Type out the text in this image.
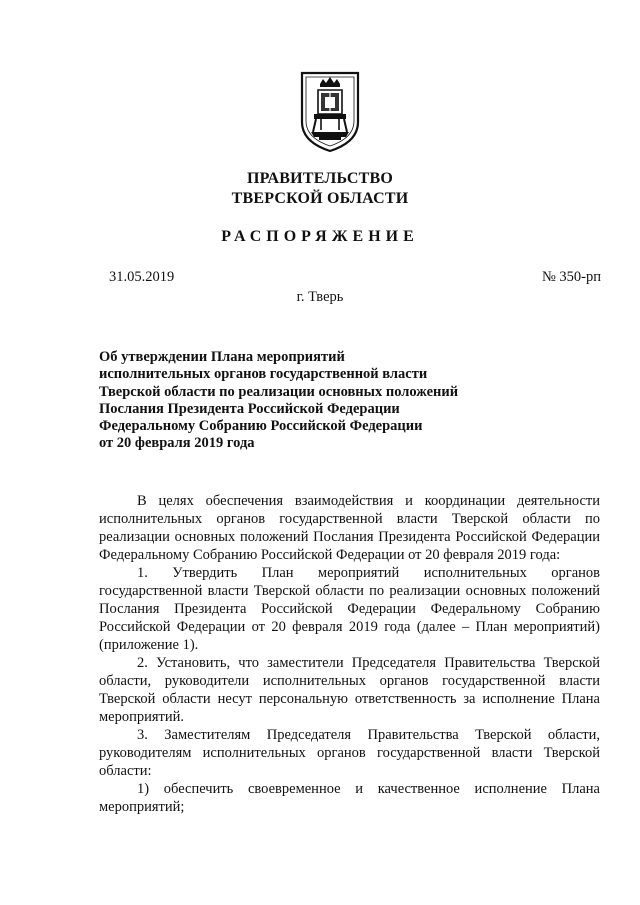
ПРАВИТЕЛЬСТВО
ТВЕРСКОЙ ОБЛАСТИ
РАСПОРЯЖЕНИЕ
31.05.2019	№ 350-рп
г. Тверь
Об утверждении Плана мероприятий
исполнительных органов государственной власти
Тверской области по реализации основных положений
Послания Президента Российской Федерации
Федеральному Собранию Российской Федерации
от 20 февраля 2019 года

В целях обеспечения взаимодействия и координации деятельности исполнительных органов государственной власти Тверской области по реализации основных положений Послания Президента Российской Федерации Федеральному Собранию Российской Федерации от 20 февраля 2019 года:

1. Утвердить План мероприятий исполнительных органов государственной власти Тверской области по реализации основных положений Послания Президента Российской Федерации Федеральному Собранию Российской Федерации от 20 февраля 2019 года (далее – План мероприятий) (приложение 1).

2. Установить, что заместители Председателя Правительства Тверской области, руководители исполнительных органов государственной власти Тверской области несут персональную ответственность за исполнение Плана мероприятий.

3. Заместителям Председателя Правительства Тверской области, руководителям исполнительных органов государственной власти Тверской области:

1) обеспечить своевременное и качественное исполнение Плана мероприятий;
